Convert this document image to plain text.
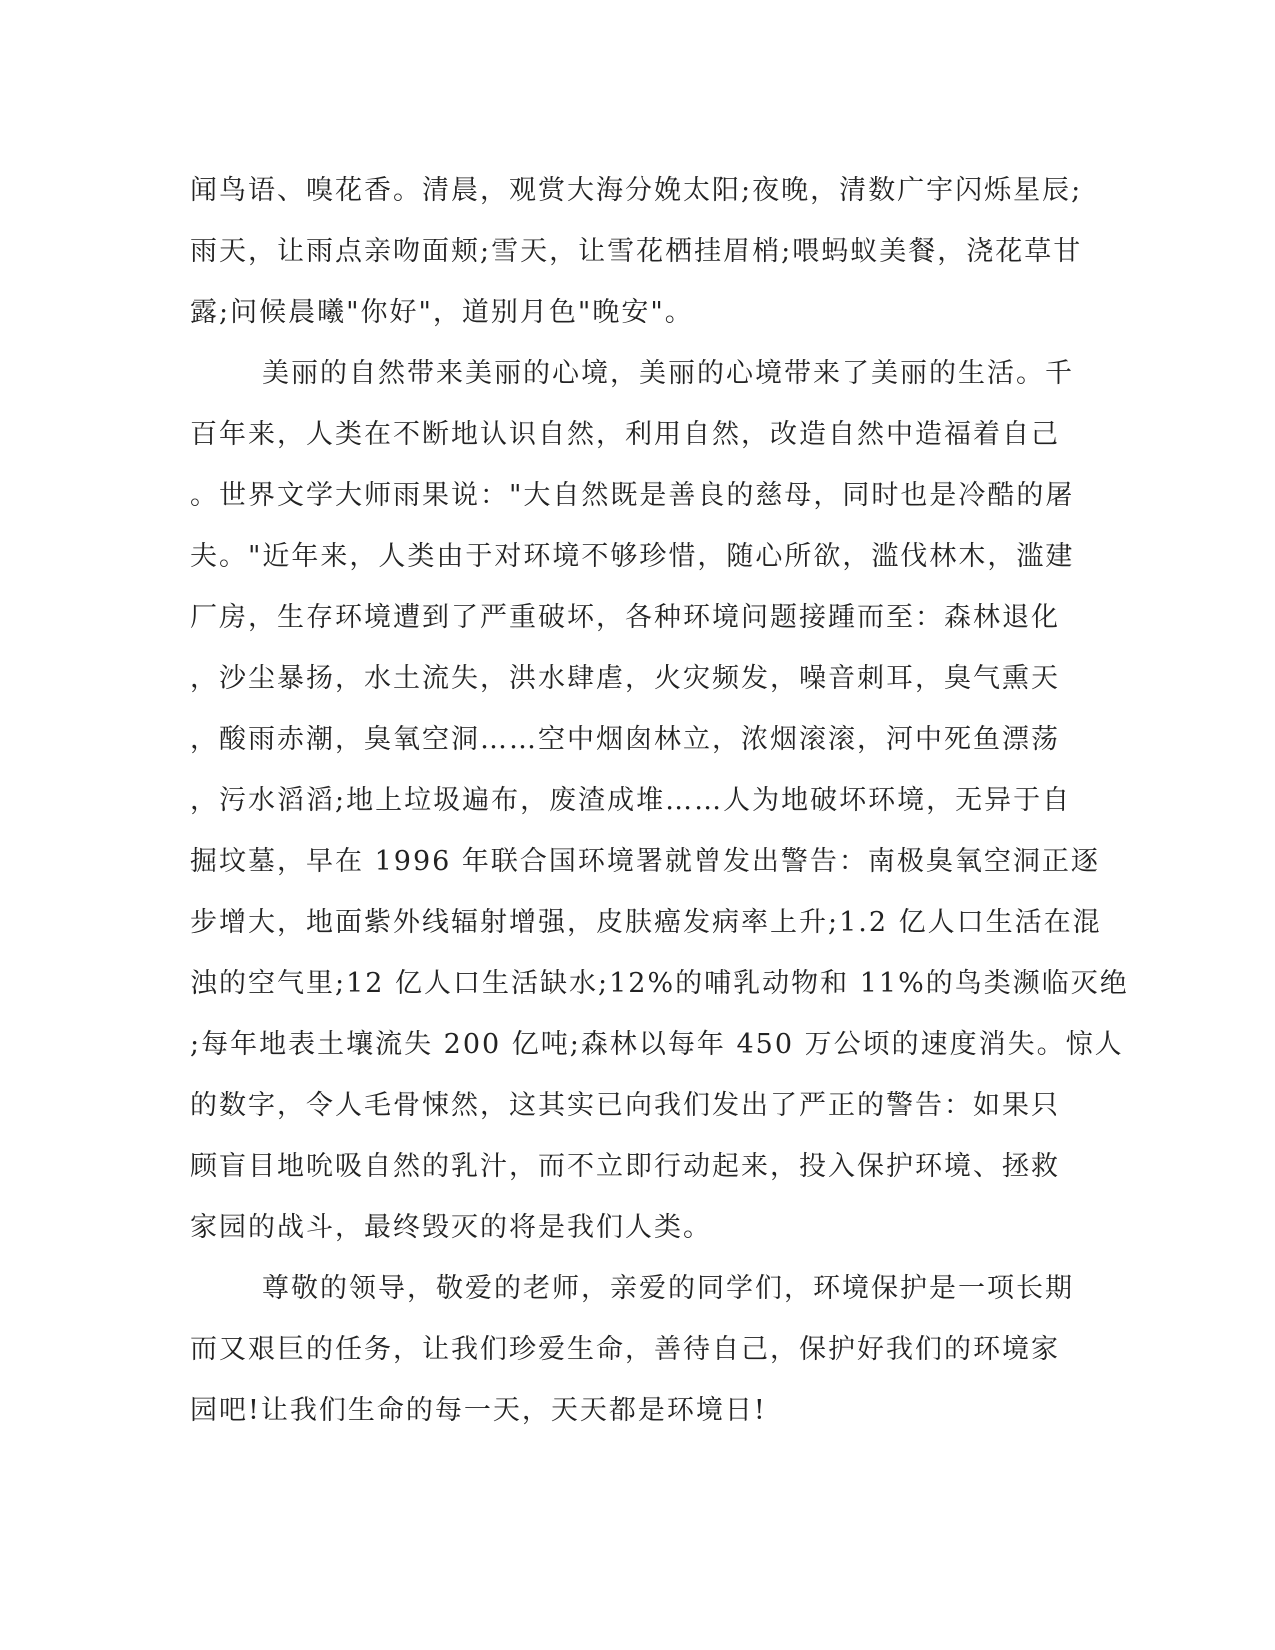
闻鸟语、嗅花香。清晨，观赏大海分娩太阳;夜晚，清数广宇闪烁星辰;
雨天，让雨点亲吻面颊;雪天，让雪花栖挂眉梢;喂蚂蚁美餐，浇花草甘
露;问候晨曦"你好"，道别月色"晚安"。
美丽的自然带来美丽的心境，美丽的心境带来了美丽的生活。千
百年来，人类在不断地认识自然，利用自然，改造自然中造福着自己
。世界文学大师雨果说："大自然既是善良的慈母，同时也是冷酷的屠
夫。"近年来，人类由于对环境不够珍惜，随心所欲，滥伐林木，滥建
厂房，生存环境遭到了严重破坏，各种环境问题接踵而至：森林退化
，沙尘暴扬，水土流失，洪水肆虐，火灾频发，噪音刺耳，臭气熏天
，酸雨赤潮，臭氧空洞……空中烟囱林立，浓烟滚滚，河中死鱼漂荡
，污水滔滔;地上垃圾遍布，废渣成堆……人为地破坏环境，无异于自
掘坟墓，早在 1996 年联合国环境署就曾发出警告：南极臭氧空洞正逐
步增大，地面紫外线辐射增强，皮肤癌发病率上升;1.2 亿人口生活在混
浊的空气里;12 亿人口生活缺水;12%的哺乳动物和 11%的鸟类濒临灭绝
;每年地表土壤流失 200 亿吨;森林以每年 450 万公顷的速度消失。惊人
的数字，令人毛骨悚然，这其实已向我们发出了严正的警告：如果只
顾盲目地吮吸自然的乳汁，而不立即行动起来，投入保护环境、拯救
家园的战斗，最终毁灭的将是我们人类。
尊敬的领导，敬爱的老师，亲爱的同学们，环境保护是一项长期
而又艰巨的任务，让我们珍爱生命，善待自己，保护好我们的环境家
园吧!让我们生命的每一天，天天都是环境日!
